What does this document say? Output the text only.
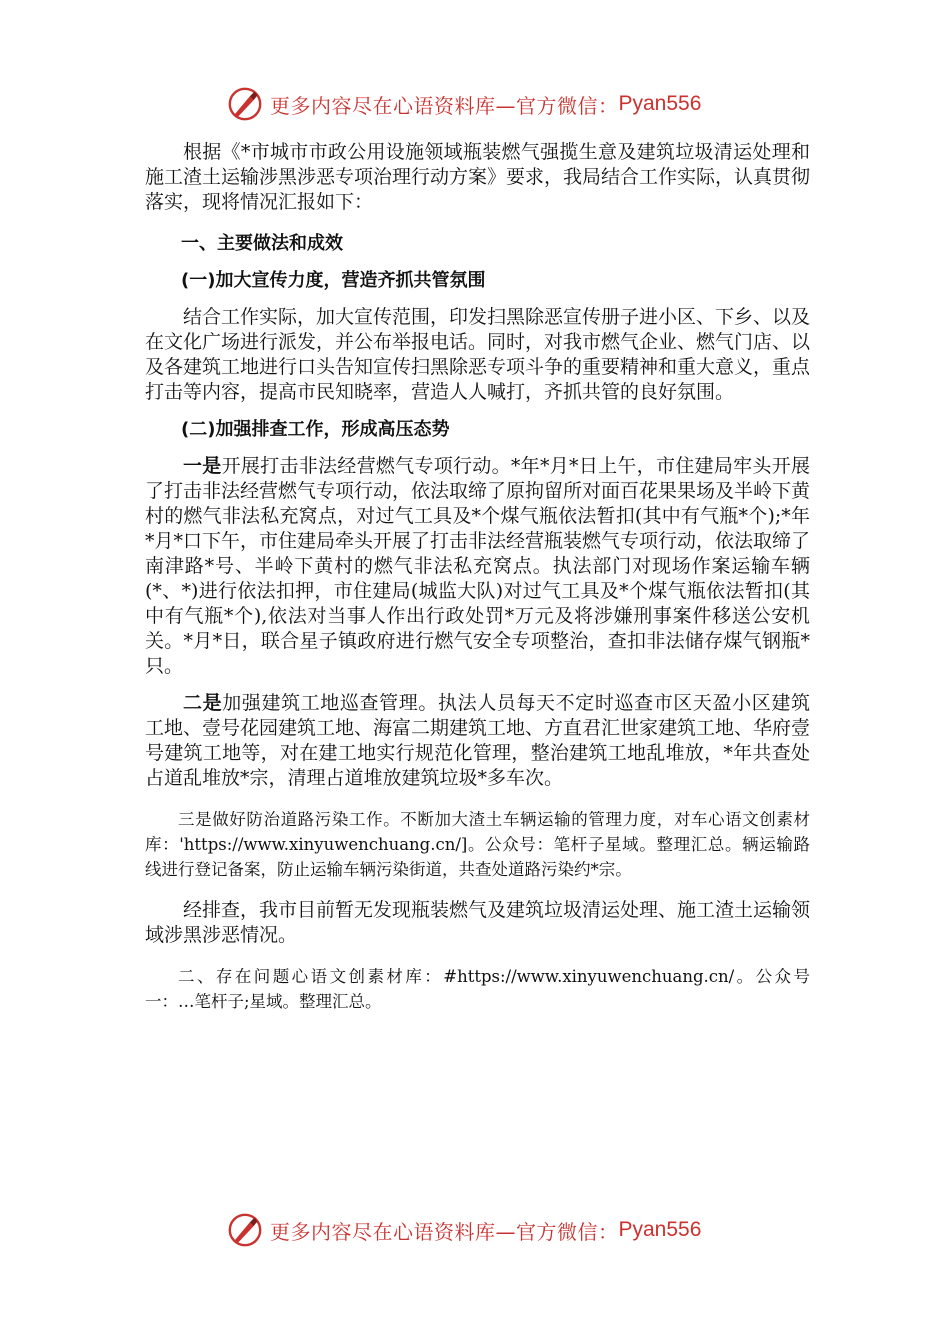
更多内容尽在心语资料库—官方微信： Pyan556

根据《*市城市市政公用设施领域瓶装燃气强揽生意及建筑垃圾清运处理和施工渣土运输涉黑涉恶专项治理行动方案》要求，我局结合工作实际，认真贯彻落实，现将情况汇报如下：

一、主要做法和成效

(一)加大宣传力度，营造齐抓共管氛围

结合工作实际，加大宣传范围，印发扫黑除恶宣传册子进小区、下乡、以及在文化广场进行派发，并公布举报电话。同时，对我市燃气企业、燃气门店、以及各建筑工地进行口头告知宣传扫黑除恶专项斗争的重要精神和重大意义，重点打击等内容，提高市民知晓率，营造人人喊打，齐抓共管的良好氛围。

(二)加强排查工作，形成高压态势

一是开展打击非法经营燃气专项行动。*年*月*日上午，市住建局牢头开展了打击非法经营燃气专项行动，依法取缔了原拘留所对面百花果果场及半岭下黄村的燃气非法私充窝点，对过气工具及*个煤气瓶依法暂扣(其中有气瓶*个);*年*月*口下午，市住建局牵头开展了打击非法经营瓶装燃气专项行动，依法取缔了南津路*号、半岭下黄村的燃气非法私充窝点。执法部门对现场作案运输车辆(*、*)进行依法扣押，市住建局(城监大队)对过气工具及*个煤气瓶依法暂扣(其中有气瓶*个),依法对当事人作出行政处罚*万元及将涉嫌刑事案件移送公安机关。*月*日，联合星子镇政府进行燃气安全专项整治，查扣非法储存煤气钢瓶*只。

二是加强建筑工地巡查管理。执法人员每天不定时巡查市区天盈小区建筑工地、壹号花园建筑工地、海富二期建筑工地、方直君汇世家建筑工地、华府壹号建筑工地等，对在建工地实行规范化管理，整治建筑工地乱堆放，*年共查处占道乱堆放*宗，清理占道堆放建筑垃圾*多车次。

三是做好防治道路污染工作。不断加大渣土车辆运输的管理力度，对车心语文创素材库：'https://www.xinyuwenchuang.cn/]。公众号：笔杆子星域。整理汇总。辆运输路线进行登记备案，防止运输车辆污染街道，共查处道路污染约*宗。

经排查，我市目前暂无发现瓶装燃气及建筑垃圾清运处理、施工渣土运输领域涉黑涉恶情况。

二、存在问题心语文创素材库：#https://www.xinyuwenchuang.cn/。公众号一：…笔杆子;星域。整理汇总。

更多内容尽在心语资料库—官方微信： Pyan556
